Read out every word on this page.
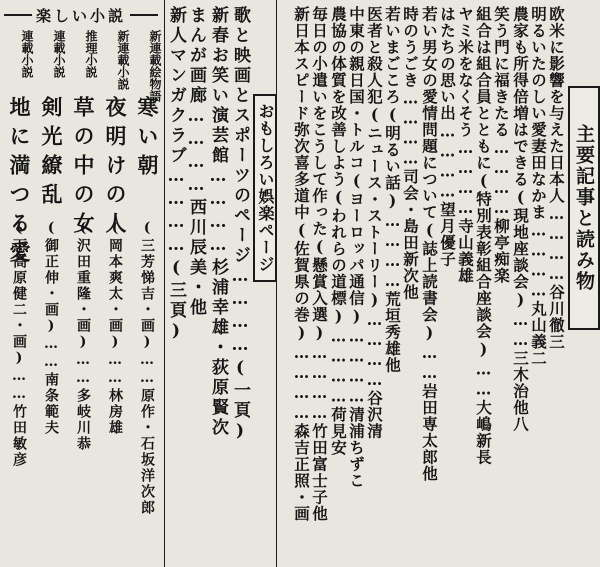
主要記事と読み物
欧米に影響を与えた日本人…………谷川徹三
明るいたのしい愛妻田なかま…………丸山義二
農家も所得倍増はできる(現地座談会)……三木治他八
笑う門に福きたる…………柳亭痴楽
組合は組合員とともに(特別表彰組合座談会)……大嶋新長
ヤミ米をなくそう…………寺山義雄
はたちの思い出…………望月優子
若い男女の愛情問題について(誌上読書会)……岩田専太郎他
時のうごき…………司会・島田新次他
若いまごころ(明るい話)…………荒垣秀雄他
医者と殺人犯(ニュース・ストーリー)…………谷沢清
中東の親日国・トルコ(ヨーロッパ通信)…………清浦ちずこ
農協の体質を改善しよう(われらの道標)…………荷見安
毎日の小遣いをこうして作った(懸賞入選)…………竹田富士子他
新日本スピード弥次喜多道中(佐賀県の巻)…………森吉正照・画
おもしろい娯楽ページ
歌と映画とスポーツのページ…………(一頁)
新春お笑い演芸館…………杉浦幸雄・荻原賢次
まんが画廊…………西川辰美・他
新人マンガクラブ…………(三頁)
楽しい小説
新連載絵物語
寒い朝
(三芳悌吉・画)……原作・石坂洋次郎
新連載小説
夜明けの人
(岡本爽太・画)……林房雄
推理小説
草の中の女
(沢田重隆・画)……多岐川恭
連載小説
剣光繚乱
(御正伸・画)……南条範夫
連載小説
地に満つる愛
(下高原健二・画)……竹田敏彦
